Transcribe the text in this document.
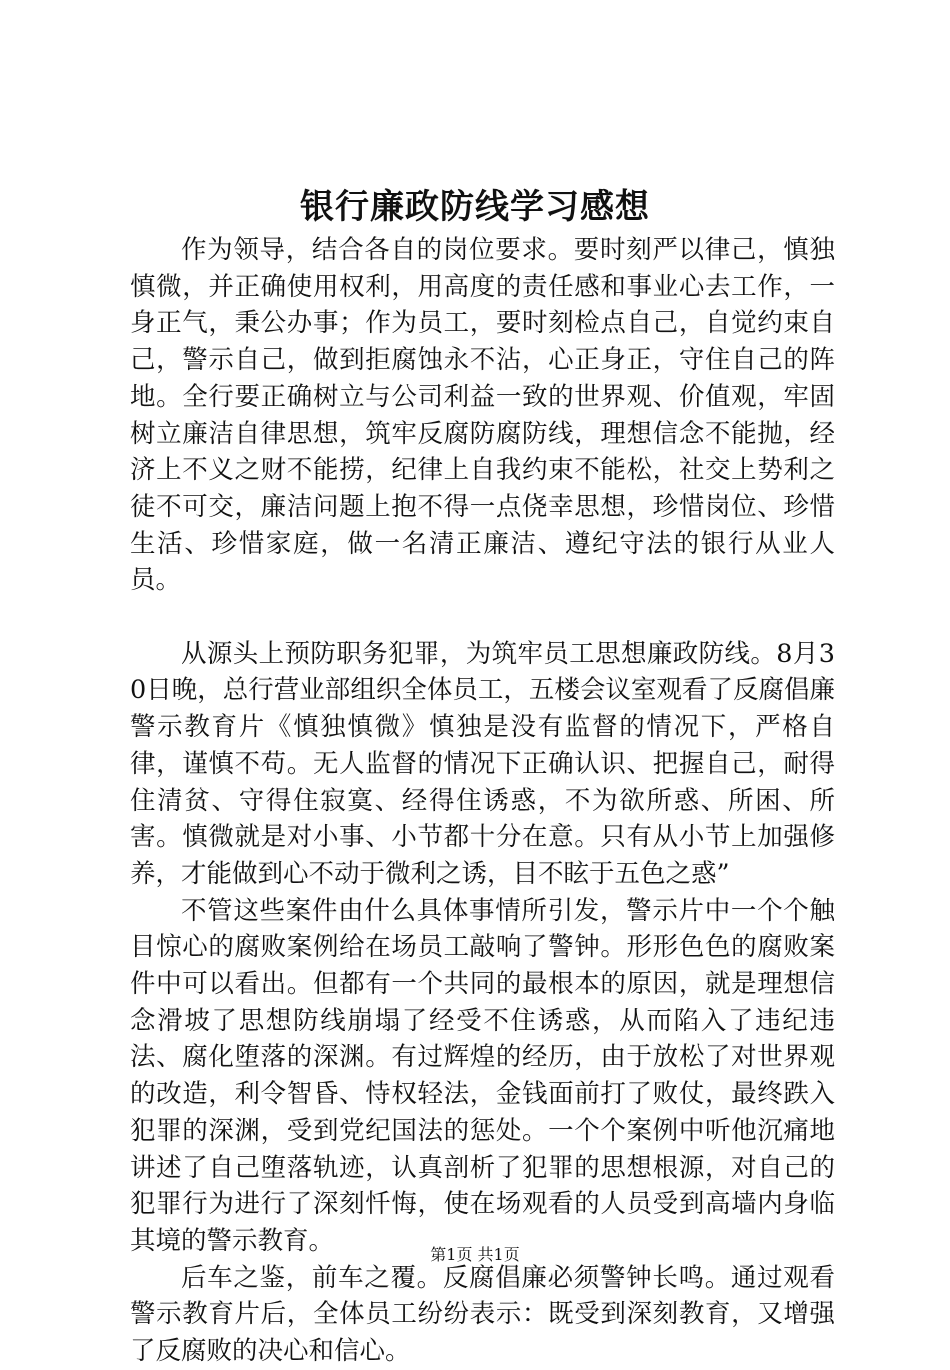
银行廉政防线学习感想

作为领导，结合各自的岗位要求。要时刻严以律己，慎独慎微，并正确使用权利，用高度的责任感和事业心去工作，一身正气，秉公办事；作为员工，要时刻检点自己，自觉约束自己，警示自己，做到拒腐蚀永不沾，心正身正，守住自己的阵地。全行要正确树立与公司利益一致的世界观、价值观，牢固树立廉洁自律思想，筑牢反腐防腐防线，理想信念不能抛，经济上不义之财不能捞，纪律上自我约束不能松，社交上势利之徒不可交，廉洁问题上抱不得一点侥幸思想，珍惜岗位、珍惜生活、珍惜家庭，做一名清正廉洁、遵纪守法的银行从业人员。

从源头上预防职务犯罪，为筑牢员工思想廉政防线。8月30日晚，总行营业部组织全体员工，五楼会议室观看了反腐倡廉警示教育片《慎独慎微》慎独是没有监督的情况下，严格自律，谨慎不苟。无人监督的情况下正确认识、把握自己，耐得住清贫、守得住寂寞、经得住诱惑，不为欲所惑、所困、所害。慎微就是对小事、小节都十分在意。只有从小节上加强修养，才能做到心不动于微利之诱，目不眩于五色之惑”

不管这些案件由什么具体事情所引发，警示片中一个个触目惊心的腐败案例给在场员工敲响了警钟。形形色色的腐败案件中可以看出。但都有一个共同的最根本的原因，就是理想信念滑坡了思想防线崩塌了经受不住诱惑，从而陷入了违纪违法、腐化堕落的深渊。有过辉煌的经历，由于放松了对世界观的改造，利令智昏、恃权轻法，金钱面前打了败仗，最终跌入犯罪的深渊，受到党纪国法的惩处。一个个案例中听他沉痛地讲述了自己堕落轨迹，认真剖析了犯罪的思想根源，对自己的犯罪行为进行了深刻忏悔，使在场观看的人员受到高墙内身临其境的警示教育。

后车之鉴，前车之覆。反腐倡廉必须警钟长鸣。通过观看警示教育片后，全体员工纷纷表示：既受到深刻教育，又增强了反腐败的决心和信心。

第1页 共1页
